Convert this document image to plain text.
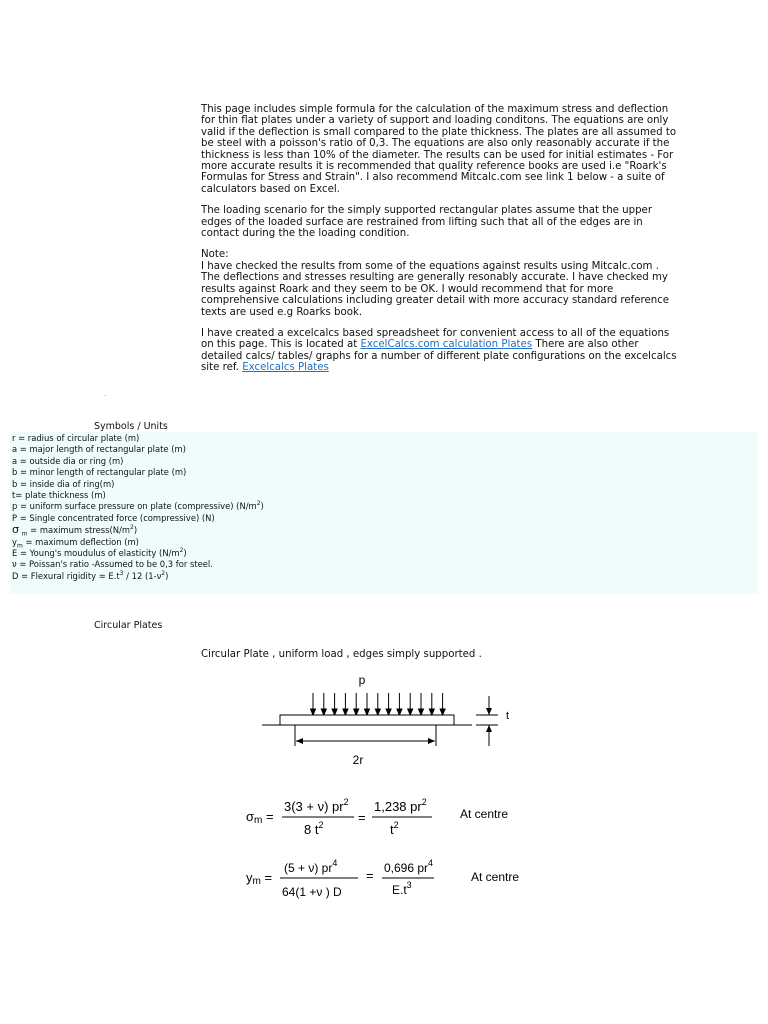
This page includes simple formula for the calculation of the maximum stress and deflection for thin flat plates under a variety of support and loading conditons. The equations are only valid if the deflection is small compared to the plate thickness. The plates are all assumed to be steel with a poisson's ratio of 0,3. The equations are also only reasonably accurate if the thickness is less than 10% of the diameter. The results can be used for initial estimates - For more accurate results it is recommended that quality reference books are used i.e "Roark's Formulas for Stress and Strain". I also recommend Mitcalc.com see link 1 below - a suite of calculators based on Excel.

The loading scenario for the simply supported rectangular plates assume that the upper edges of the loaded surface are restrained from lifting such that all of the edges are in contact during the the loading condition.

Note:
I have checked the results from some of the equations against results using Mitcalc.com . The deflections and stresses resulting are generally resonably accurate. I have checked my results against Roark and they seem to be OK. I would recommend that for more comprehensive calculations including greater detail with more accuracy standard reference texts are used e.g Roarks book.

I have created a excelcalcs based spreadsheet for convenient access to all of the equations on this page. This is located at ExcelCalcs.com calculation Plates There are also other detailed calcs/ tables/ graphs for a number of different plate configurations on the excelcalcs site ref. Excelcalcs Plates

.
Symbols / Units
r = radius of circular plate (m)
a = major length of rectangular plate (m)
a = outside dia or ring (m)
b = minor length of rectangular plate (m)
b = inside dia of ring(m)
t= plate thickness (m)
p = uniform surface pressure on plate (compressive) $(N/m^2)$
P = Single concentrated force (compressive) (N)
σ $_m$ = maximum $stress(N/m^2)$
$y_m$ = maximum deflection (m)
E = Young's moudulus of elasticity $(N/m^2)$
ν = Poissan's ratio -Assumed to be 0,3 for steel.
D = Flexural rigidity = $E.t^3 / 12$ $(1-\nu^2)$
Circular Plates
Circular Plate , uniform load , edges simply supported .
p
2r
t
σm =
3(3 + ν) $pr^2$
8 $t^2$	=
1,238 $pr^2$
$t^2$
At centre
ym =
(5 + ν) $pr^4$
64(1 +ν ) D
= 0,696 $pr^4$
$E.t^3$
At centre
